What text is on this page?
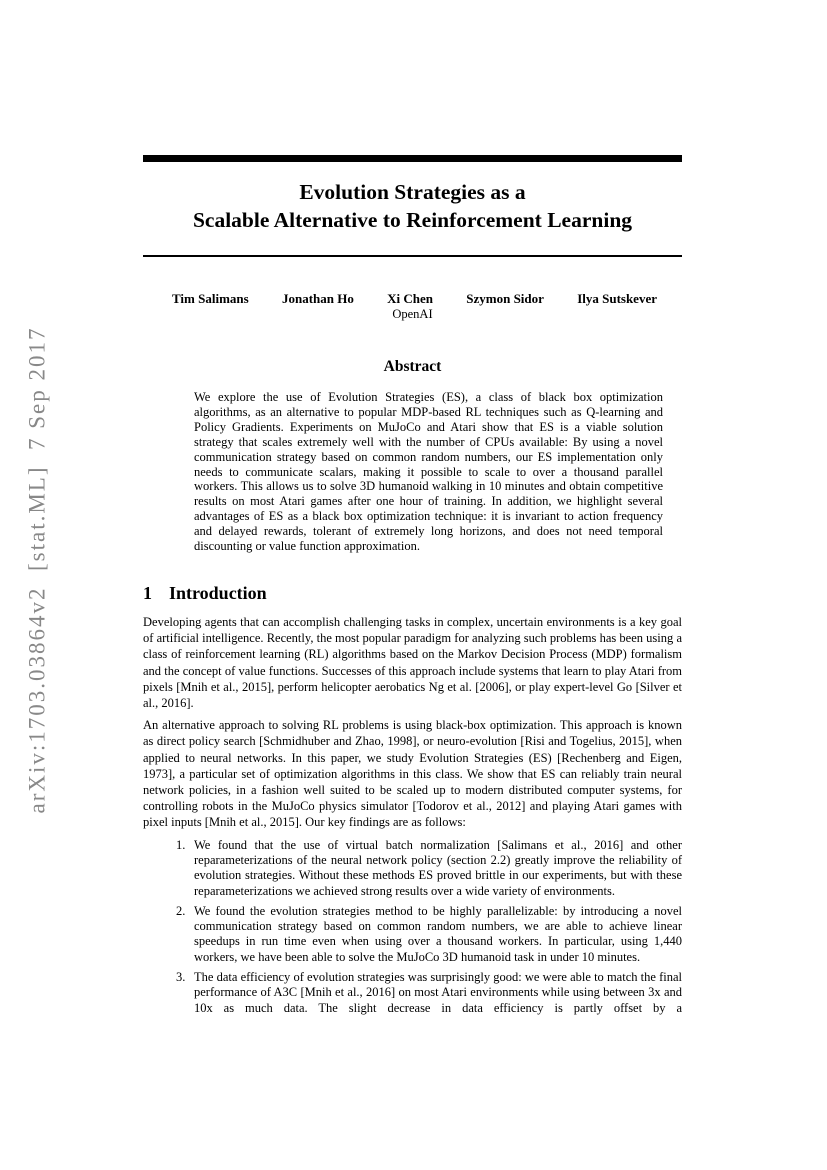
arXiv:1703.03864v2  [stat.ML]  7 Sep 2017
Evolution Strategies as a
Scalable Alternative to Reinforcement Learning
Tim Salimans	Jonathan Ho	Xi Chen	Szymon Sidor	Ilya Sutskever
OpenAI
Abstract
We explore the use of Evolution Strategies (ES), a class of black box optimization algorithms, as an alternative to popular MDP-based RL techniques such as Q-learning and Policy Gradients. Experiments on MuJoCo and Atari show that ES is a viable solution strategy that scales extremely well with the number of CPUs available: By using a novel communication strategy based on common random numbers, our ES implementation only needs to communicate scalars, making it possible to scale to over a thousand parallel workers. This allows us to solve 3D humanoid walking in 10 minutes and obtain competitive results on most Atari games after one hour of training. In addition, we highlight several advantages of ES as a black box optimization technique: it is invariant to action frequency and delayed rewards, tolerant of extremely long horizons, and does not need temporal discounting or value function approximation.
1 Introduction

Developing agents that can accomplish challenging tasks in complex, uncertain environments is a key goal of artificial intelligence. Recently, the most popular paradigm for analyzing such problems has been using a class of reinforcement learning (RL) algorithms based on the Markov Decision Process (MDP) formalism and the concept of value functions. Successes of this approach include systems that learn to play Atari from pixels [Mnih et al., 2015], perform helicopter aerobatics Ng et al. [2006], or play expert-level Go [Silver et al., 2016].

An alternative approach to solving RL problems is using black-box optimization. This approach is known as direct policy search [Schmidhuber and Zhao, 1998], or neuro-evolution [Risi and Togelius, 2015], when applied to neural networks. In this paper, we study Evolution Strategies (ES) [Rechenberg and Eigen, 1973], a particular set of optimization algorithms in this class. We show that ES can reliably train neural network policies, in a fashion well suited to be scaled up to modern distributed computer systems, for controlling robots in the MuJoCo physics simulator [Todorov et al., 2012] and playing Atari games with pixel inputs [Mnih et al., 2015]. Our key findings are as follows:

1. We found that the use of virtual batch normalization [Salimans et al., 2016] and other reparameterizations of the neural network policy (section 2.2) greatly improve the reliability of evolution strategies. Without these methods ES proved brittle in our experiments, but with these reparameterizations we achieved strong results over a wide variety of environments.
2. We found the evolution strategies method to be highly parallelizable: by introducing a novel communication strategy based on common random numbers, we are able to achieve linear speedups in run time even when using over a thousand workers. In particular, using 1,440 workers, we have been able to solve the MuJoCo 3D humanoid task in under 10 minutes.
3. The data efficiency of evolution strategies was surprisingly good: we were able to match the final performance of A3C [Mnih et al., 2016] on most Atari environments while using between 3x and 10x as much data. The slight decrease in data efficiency is partly offset by a
